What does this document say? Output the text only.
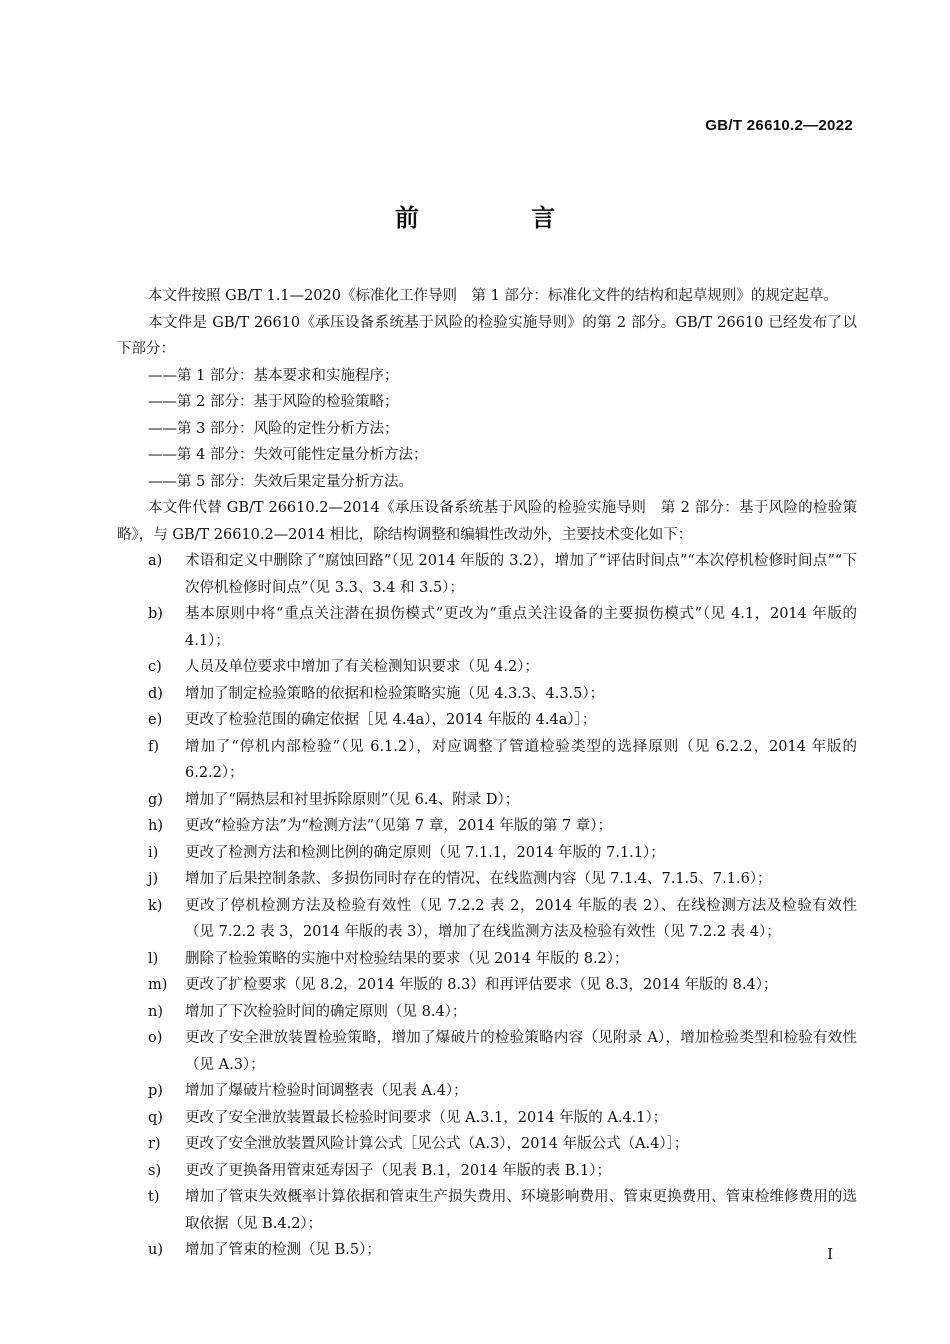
GB/T 26610.2—2022
前 言

本文件按照 GB/T 1.1—2020《标准化工作导则　第 1 部分：标准化文件的结构和起草规则》的规定起草。

本文件是 GB/T 26610《承压设备系统基于风险的检验实施导则》的第 2 部分。GB/T 26610 已经发布了以下部分：

——第 1 部分：基本要求和实施程序；

——第 2 部分：基于风险的检验策略；

——第 3 部分：风险的定性分析方法；

——第 4 部分：失效可能性定量分析方法；

——第 5 部分：失效后果定量分析方法。

本文件代替 GB/T 26610.2—2014《承压设备系统基于风险的检验实施导则　第 2 部分：基于风险的检验策略》，与 GB/T 26610.2—2014 相比，除结构调整和编辑性改动外，主要技术变化如下：

a)	术语和定义中删除了“腐蚀回路”（见 2014 年版的 3.2），增加了“评估时间点”“本次停机检修时间点”“下次停机检修时间点”（见 3.3、3.4 和 3.5）；
b)	基本原则中将“重点关注潜在损伤模式”更改为“重点关注设备的主要损伤模式”（见 4.1，2014 年版的 4.1）；
c)	人员及单位要求中增加了有关检测知识要求（见 4.2）；
d)	增加了制定检验策略的依据和检验策略实施（见 4.3.3、4.3.5）；
e)	更改了检验范围的确定依据［见 4.4a），2014 年版的 4.4a）］；
f)	增加了“停机内部检验”（见 6.1.2），对应调整了管道检验类型的选择原则（见 6.2.2，2014 年版的 6.2.2）；
g)	增加了“隔热层和衬里拆除原则”（见 6.4、附录 D）；
h)	更改“检验方法”为“检测方法”（见第 7 章，2014 年版的第 7 章）；
i)	更改了检测方法和检测比例的确定原则（见 7.1.1，2014 年版的 7.1.1）；
j)	增加了后果控制条款、多损伤同时存在的情况、在线监测内容（见 7.1.4、7.1.5、7.1.6）；
k)	更改了停机检测方法及检验有效性（见 7.2.2 表 2，2014 年版的表 2）、在线检测方法及检验有效性（见 7.2.2 表 3，2014 年版的表 3），增加了在线监测方法及检验有效性（见 7.2.2 表 4）；
l)	删除了检验策略的实施中对检验结果的要求（见 2014 年版的 8.2）；
m)	更改了扩检要求（见 8.2，2014 年版的 8.3）和再评估要求（见 8.3，2014 年版的 8.4）；
n)	增加了下次检验时间的确定原则（见 8.4）；
o)	更改了安全泄放装置检验策略，增加了爆破片的检验策略内容（见附录 A），增加检验类型和检验有效性（见 A.3）；
p)	增加了爆破片检验时间调整表（见表 A.4）；
q)	更改了安全泄放装置最长检验时间要求（见 A.3.1，2014 年版的 A.4.1）；
r)	更改了安全泄放装置风险计算公式［见公式（A.3），2014 年版公式（A.4）］；
s)	更改了更换备用管束延寿因子（见表 B.1，2014 年版的表 B.1）；
t)	增加了管束失效概率计算依据和管束生产损失费用、环境影响费用、管束更换费用、管束检维修费用的选取依据（见 B.4.2）；
u)	增加了管束的检测（见 B.5）；	I
